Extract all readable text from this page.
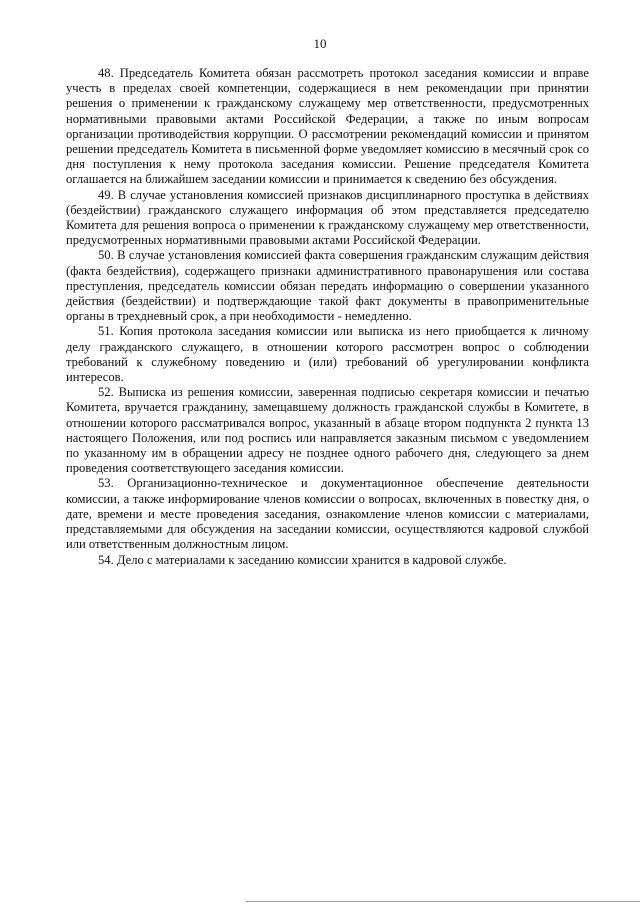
10

48. Председатель Комитета обязан рассмотреть протокол заседания комиссии и вправе учесть в пределах своей компетенции, содержащиеся в нем рекомендации при принятии решения о применении к гражданскому служащему мер ответственности, предусмотренных нормативными правовыми актами Российской Федерации, а также по иным вопросам организации противодействия коррупции. О рассмотрении рекомендаций комиссии и принятом решении председатель Комитета в письменной форме уведомляет комиссию в месячный срок со дня поступления к нему протокола заседания комиссии. Решение председателя Комитета оглашается на ближайшем заседании комиссии и принимается к сведению без обсуждения.

49. В случае установления комиссией признаков дисциплинарного проступка в действиях (бездействии) гражданского служащего информация об этом представляется председателю Комитета для решения вопроса о применении к гражданскому служащему мер ответственности, предусмотренных нормативными правовыми актами Российской Федерации.

50. В случае установления комиссией факта совершения гражданским служащим действия (факта бездействия), содержащего признаки административного правонарушения или состава преступления, председатель комиссии обязан передать информацию о совершении указанного действия (бездействии) и подтверждающие такой факт документы в правоприменительные органы в трехдневный срок, а при необходимости - немедленно.

51. Копия протокола заседания комиссии или выписка из него приобщается к личному делу гражданского служащего, в отношении которого рассмотрен вопрос о соблюдении требований к служебному поведению и (или) требований об урегулировании конфликта интересов.

52. Выписка из решения комиссии, заверенная подписью секретаря комиссии и печатью Комитета, вручается гражданину, замещавшему должность гражданской службы в Комитете, в отношении которого рассматривался вопрос, указанный в абзаце втором подпункта 2 пункта 13 настоящего Положения, или под роспись или направляется заказным письмом с уведомлением по указанному им в обращении адресу не позднее одного рабочего дня, следующего за днем проведения соответствующего заседания комиссии.

53. Организационно-техническое и документационное обеспечение деятельности комиссии, а также информирование членов комиссии о вопросах, включенных в повестку дня, о дате, времени и месте проведения заседания, ознакомление членов комиссии с материалами, представляемыми для обсуждения на заседании комиссии, осуществляются кадровой службой или ответственным должностным лицом.

54. Дело с материалами к заседанию комиссии хранится в кадровой службе.
